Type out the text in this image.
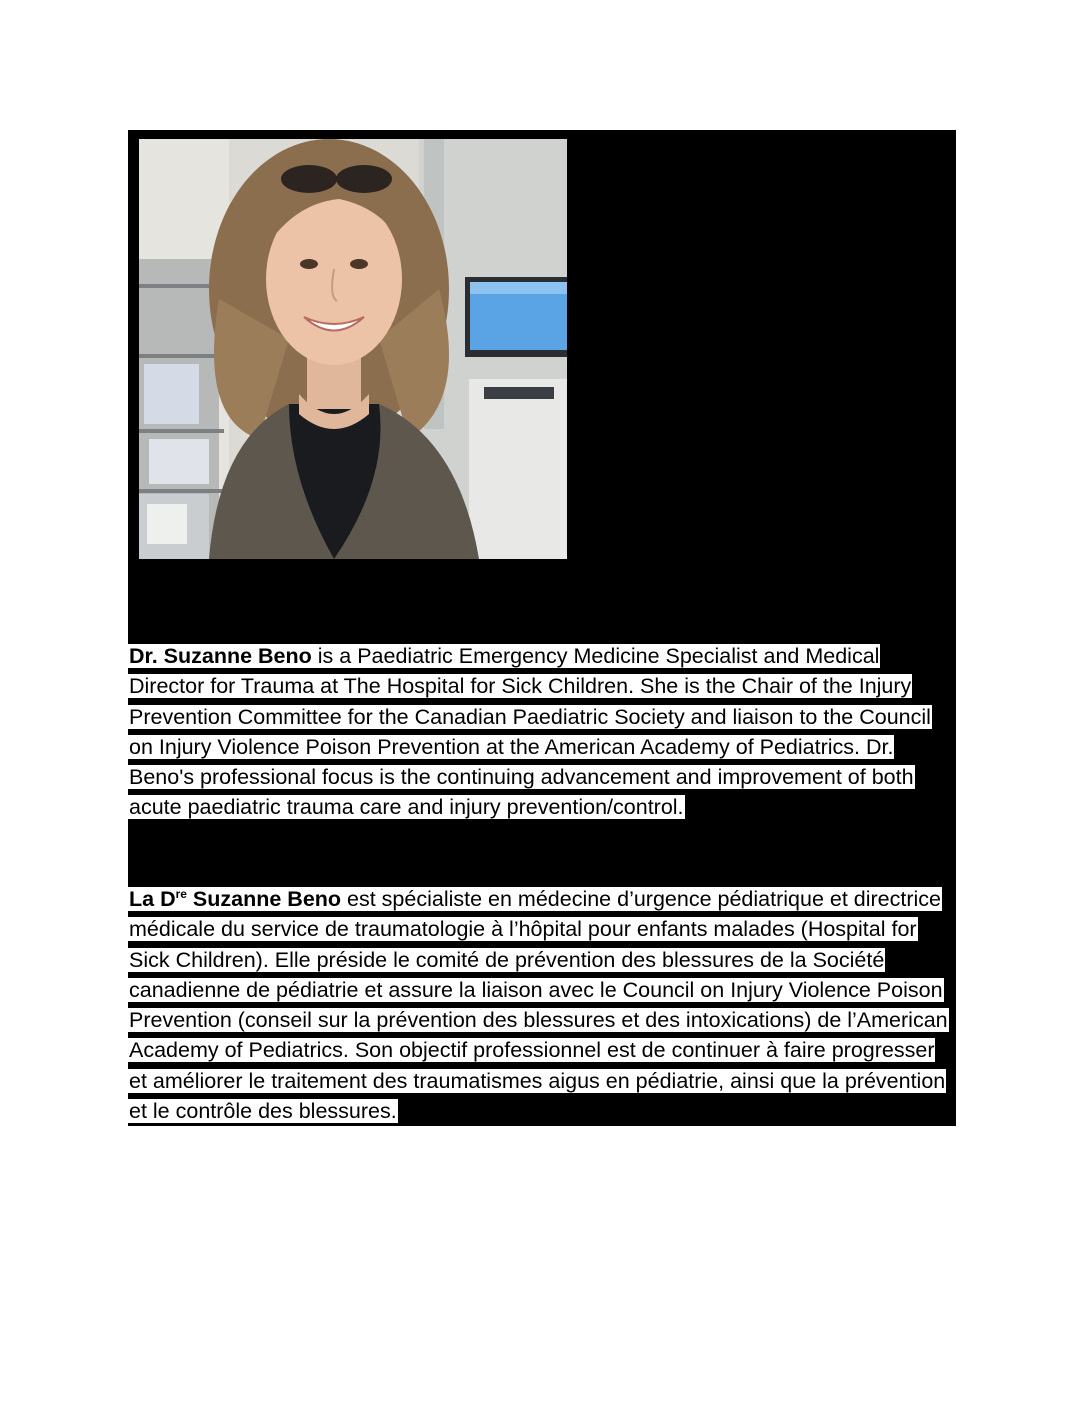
Dr. Suzanne Beno is a Paediatric Emergency Medicine Specialist and Medical Director for Trauma at The Hospital for Sick Children. She is the Chair of the Injury Prevention Committee for the Canadian Paediatric Society and liaison to the Council on Injury Violence Poison Prevention at the American Academy of Pediatrics. Dr. Beno's professional focus is the continuing advancement and improvement of both acute paediatric trauma care and injury prevention/control.

La Dre Suzanne Beno est spécialiste en médecine d’urgence pédiatrique et directrice médicale du service de traumatologie à l’hôpital pour enfants malades (Hospital for Sick Children). Elle préside le comité de prévention des blessures de la Société canadienne de pédiatrie et assure la liaison avec le Council on Injury Violence Poison Prevention (conseil sur la prévention des blessures et des intoxications) de l’American Academy of Pediatrics. Son objectif professionnel est de continuer à faire progresser et améliorer le traitement des traumatismes aigus en pédiatrie, ainsi que la prévention et le contrôle des blessures.
